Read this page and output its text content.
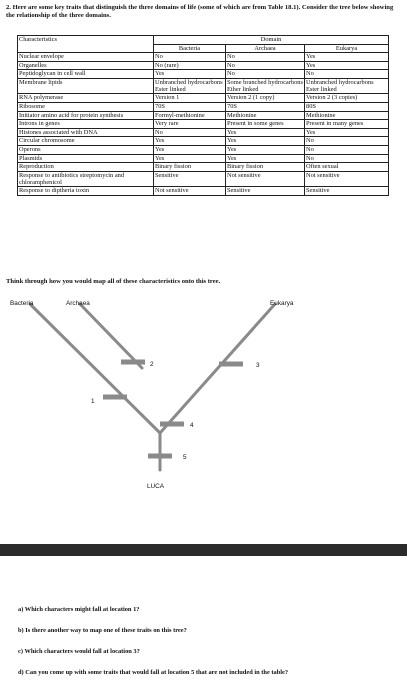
2. Here are some key traits that distinguish the three domains of life (some of which are from Table 18.1). Consider the tree below showing the relationship of the three domains.
Characteristics	Domain		
	Bacteria	Archaea	Eukarya
Nuclear envelope	No	No	Yes
Organelles	No (rare)	No	Yes
Peptidoglycan in cell wall	Yes	No	No
Membrane lipids	Unbranched hydrocarbons Ester linked	Some branched hydrocarbons Ether linked	Unbranched hydrocarbons Ester linked
RNA polymerase	Version 1	Version 2 (1 copy)	Version 2 (3 copies)
Ribosome	70S	70S	80S
Initiator amino acid for protein synthesis	Formyl-methionine	Methionine	Methionine
Introns in genes	Very rare	Present in some genes	Present in many genes
Histones associated with DNA	No	Yes	Yes
Circular chromosome	Yes	Yes	No
Operons	Yes	Yes	No
Plasmids	Yes	Yes	No
Reproduction	Binary fission	Binary fission	Often sexual
Response to antibiotics streptomycin and chloramphenicol	Sensitive	Not sensitive	Not sensitive
Response to diptheria toxin	Not sensitive	Sensitive	Sensitive
Think through how you would map all of these characteristics onto this tree.
Bacteria	Archaea	Eukarya
1
2	3
4
5
LUCA
a) Which characters might fall at location 1?
b) Is there another way to map one of these traits on this tree?
c) Which characters would fall at location 3?
d) Can you come up with some traits that would fall at location 5 that are not included in the table?
